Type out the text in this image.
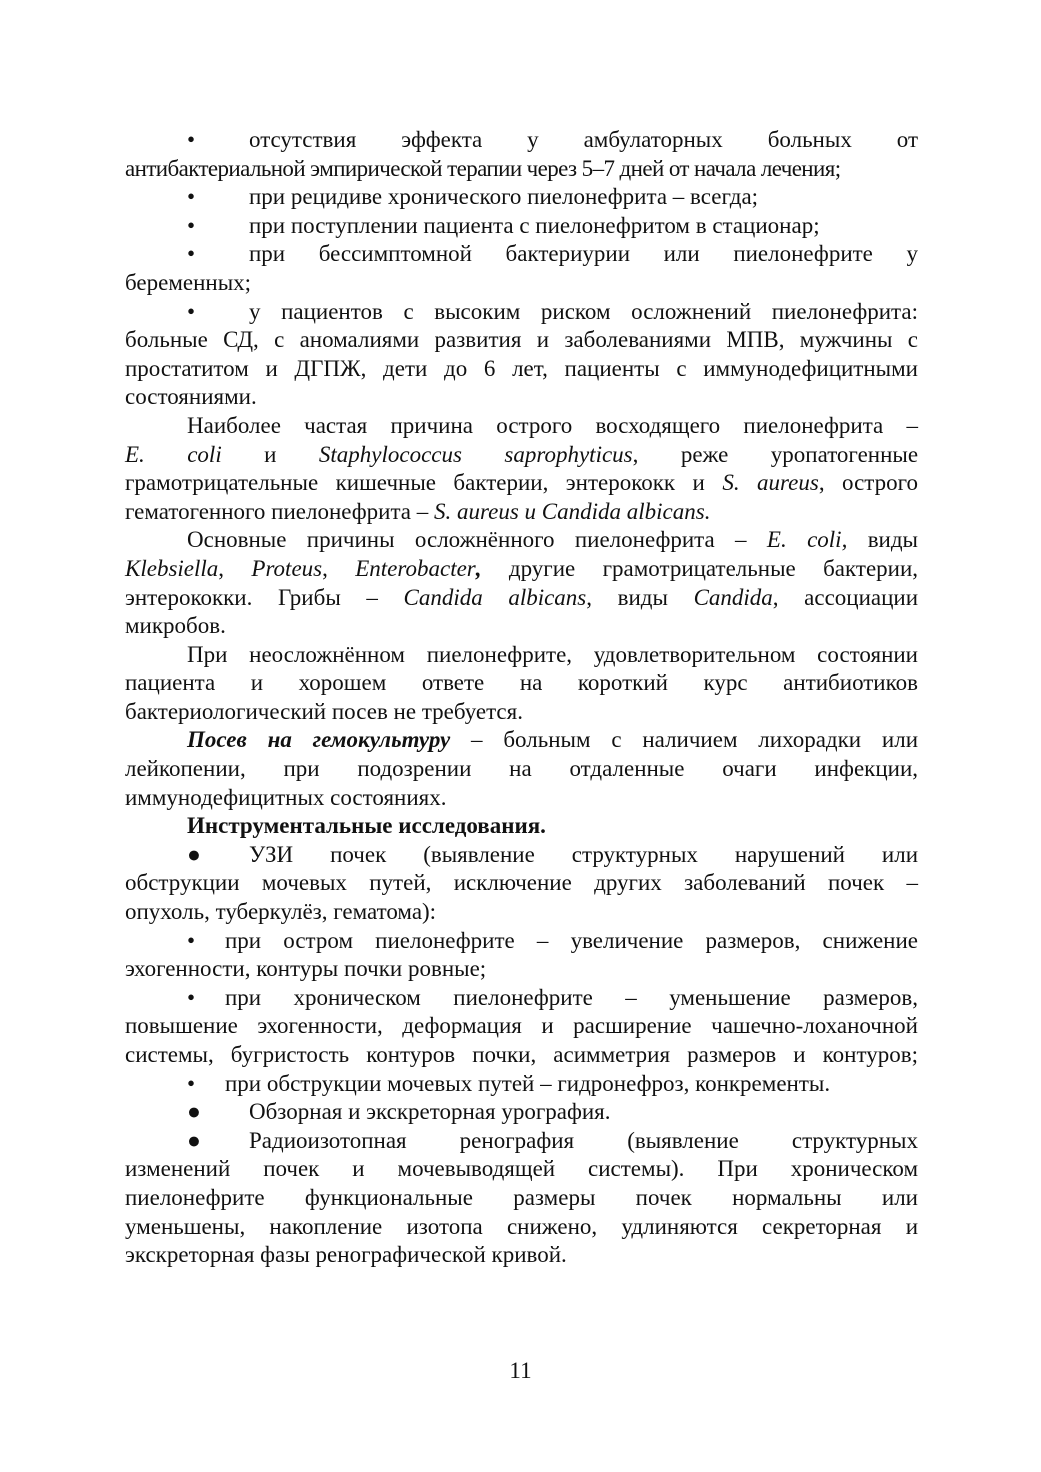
• отсутствия эффекта у амбулаторных больных от
антибактериальной эмпирической терапии через 5–7 дней от начала лечения;
• при рецидиве хронического пиелонефрита – всегда;
• при поступлении пациента с пиелонефритом в стационар;
• при бессимптомной бактериурии или пиелонефрите у
беременных;
• у пациентов с высоким риском осложнений пиелонефрита:
больные СД, с аномалиями развития и заболеваниями МПВ, мужчины с
простатитом и ДГПЖ, дети до 6 лет, пациенты с иммунодефицитными
состояниями.
Наиболее частая причина острого восходящего пиелонефрита –
E. coli и Staphylococcus saprophyticus, реже уропатогенные
грамотрицательные кишечные бактерии, энтерококк и S. aureus, острого
гематогенного пиелонефрита – S. aureus и Candida albicans.
Основные причины осложнённого пиелонефрита – E. coli, виды
Klebsiella, Proteus, Enterobacter, другие грамотрицательные бактерии,
энтерококки. Грибы – Candida albicans, виды Candida, ассоциации
микробов.
При неосложнённом пиелонефрите, удовлетворительном состоянии
пациента и хорошем ответе на короткий курс антибиотиков
бактериологический посев не требуется.
Посев на гемокультуру – больным с наличием лихорадки или
лейкопении, при подозрении на отдаленные очаги инфекции,
иммунодефицитных состояниях.
Инструментальные исследования.
● УЗИ почек (выявление структурных нарушений или
обструкции мочевых путей, исключение других заболеваний почек –
опухоль, туберкулёз, гематома):
• при остром пиелонефрите – увеличение размеров, снижение
эхогенности, контуры почки ровные;
• при хроническом пиелонефрите – уменьшение размеров,
повышение эхогенности, деформация и расширение чашечно-лоханочной
системы, бугристость контуров почки, асимметрия размеров и контуров;
• при обструкции мочевых путей – гидронефроз, конкременты.
● Обзорная и экскреторная урография.
● Радиоизотопная ренография (выявление структурных
изменений почек и мочевыводящей системы). При хроническом
пиелонефрите функциональные размеры почек нормальны или
уменьшены, накопление изотопа снижено, удлиняются секреторная и
экскреторная фазы ренографической кривой.
11
